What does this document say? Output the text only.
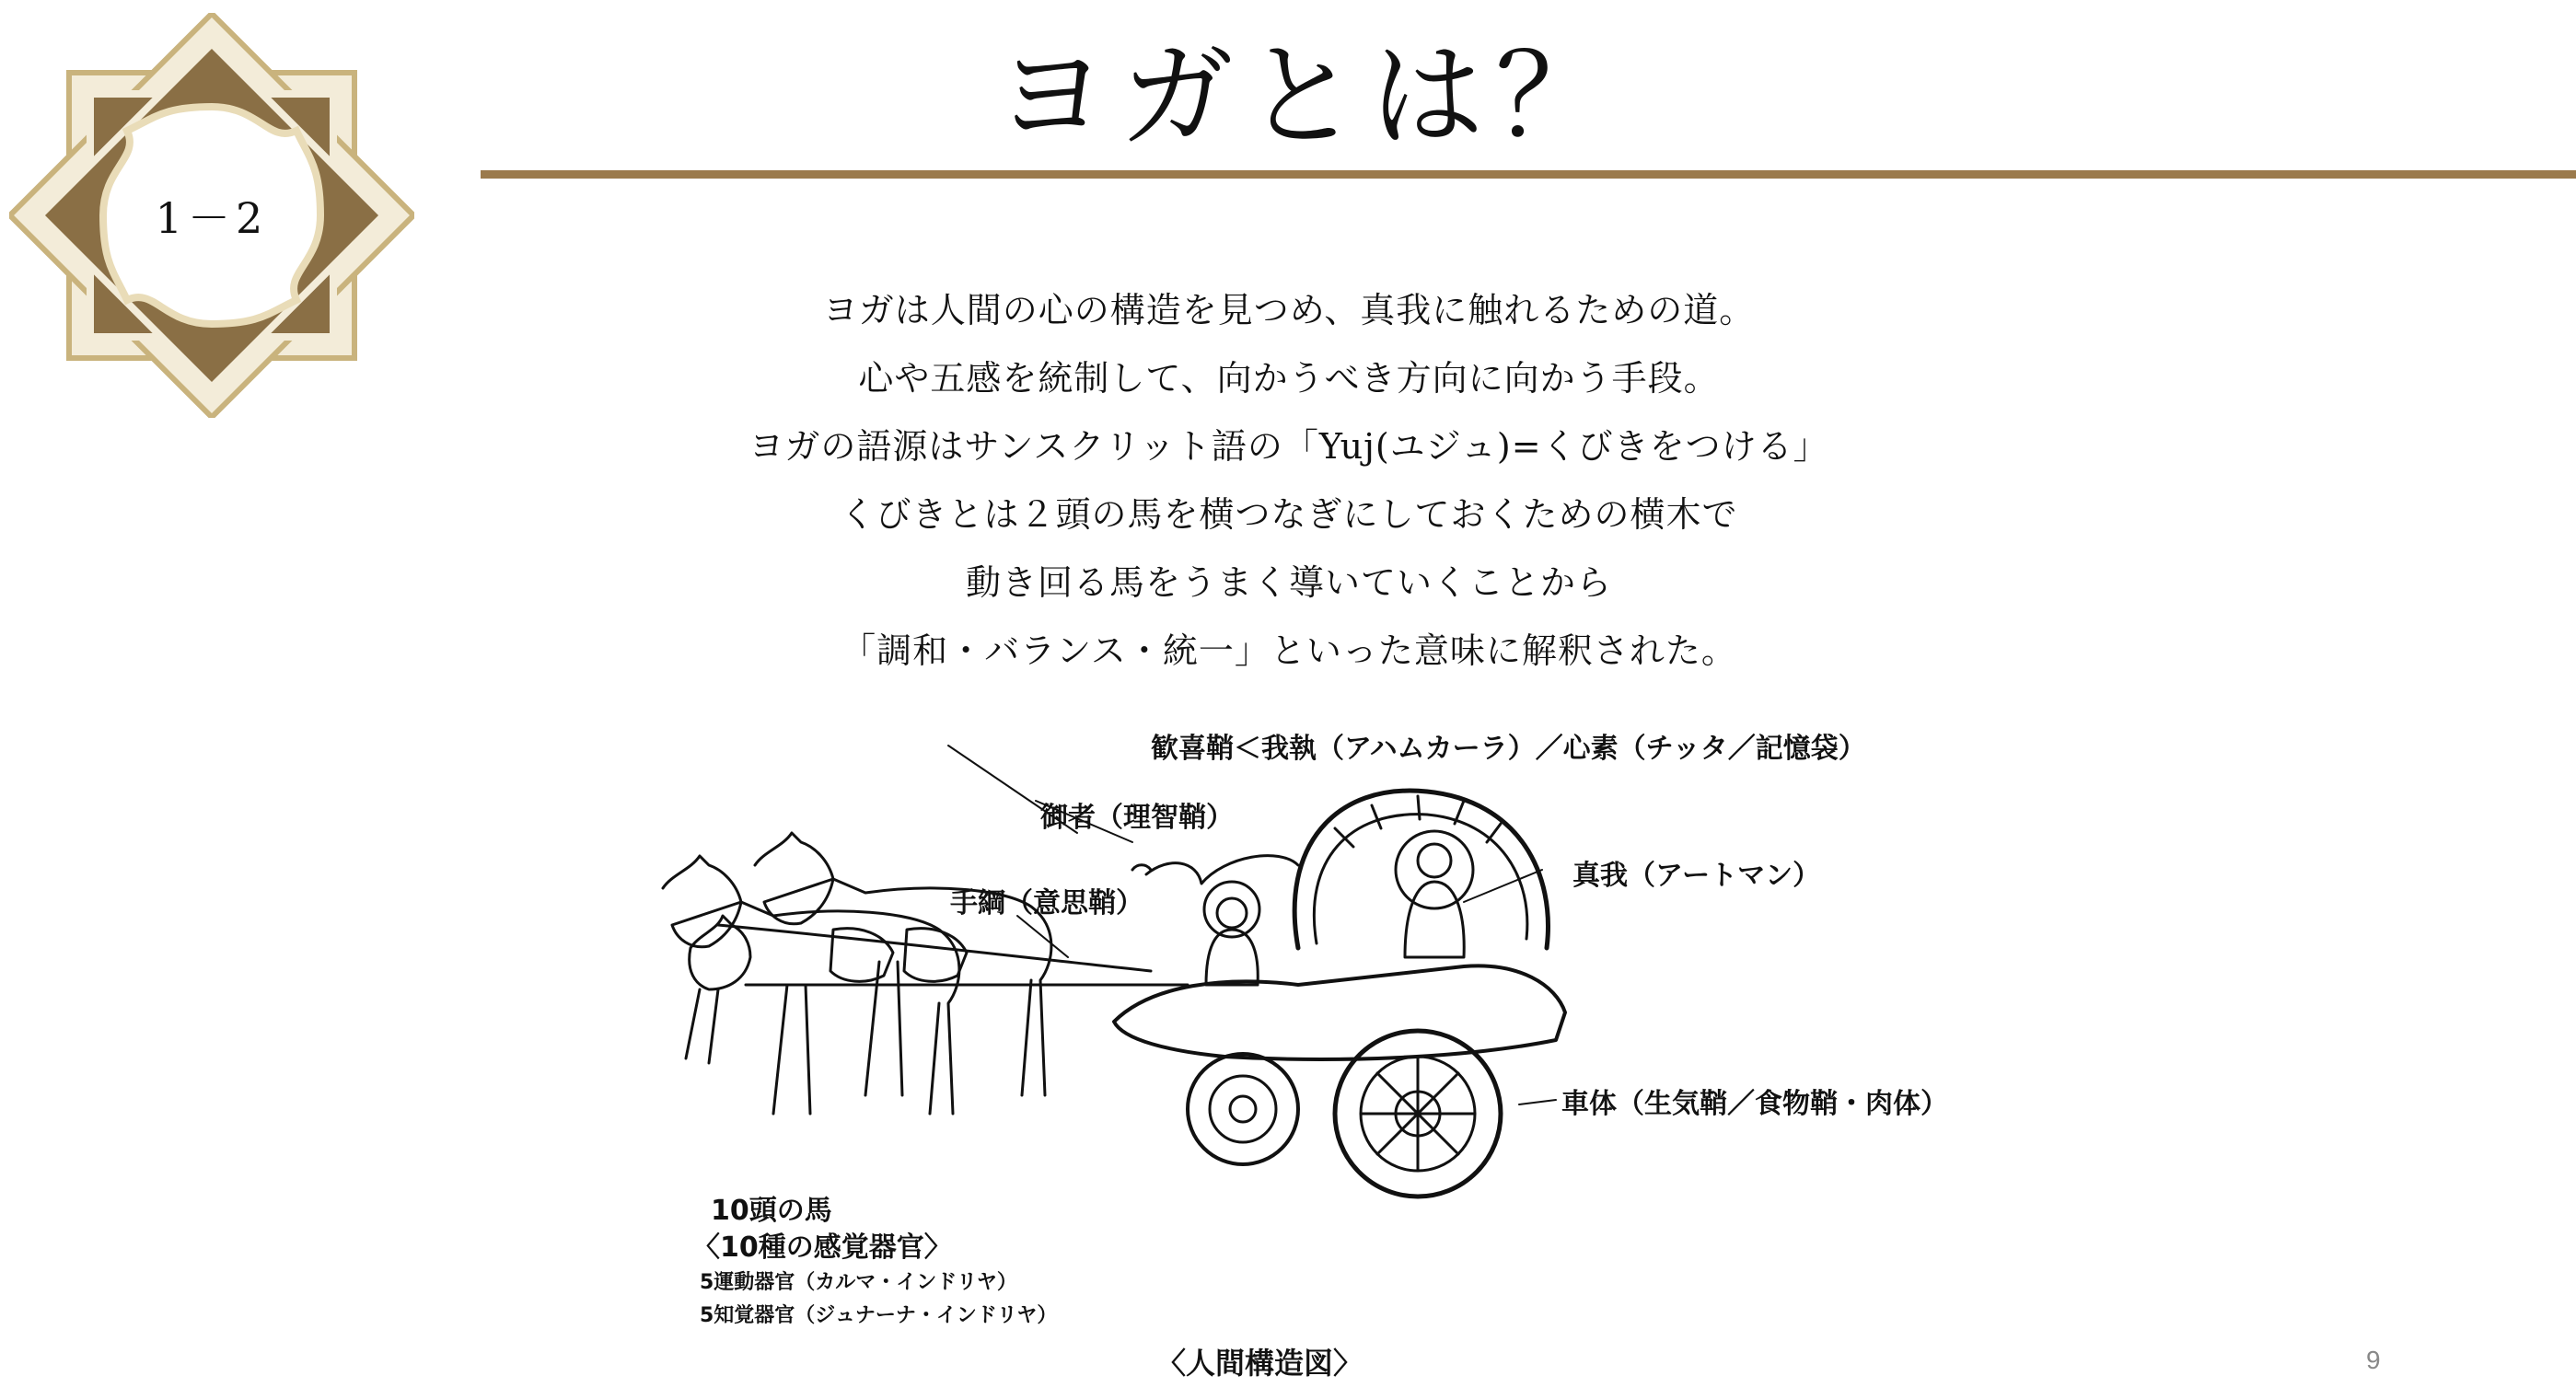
1－2
ヨガとは？
ヨガは人間の心の構造を見つめ、真我に触れるための道。
心や五感を統制して、向かうべき方向に向かう手段。
ヨガの語源はサンスクリット語の「Yuj(ユジュ)=くびきをつける」
くびきとは２頭の馬を横つなぎにしておくための横木で
動き回る馬をうまく導いていくことから
「調和・バランス・統一」といった意味に解釈された。
歓喜鞘＜我執（アハムカーラ）／心素（チッタ／記憶袋）
御者（理智鞘）
真我（アートマン）
手綱（意思鞘）
車体（生気鞘／食物鞘・肉体）
10頭の馬
〈10種の感覚器官〉
5運動器官（カルマ・インドリヤ）
5知覚器官（ジュナーナ・インドリヤ）
〈人間構造図〉	9
